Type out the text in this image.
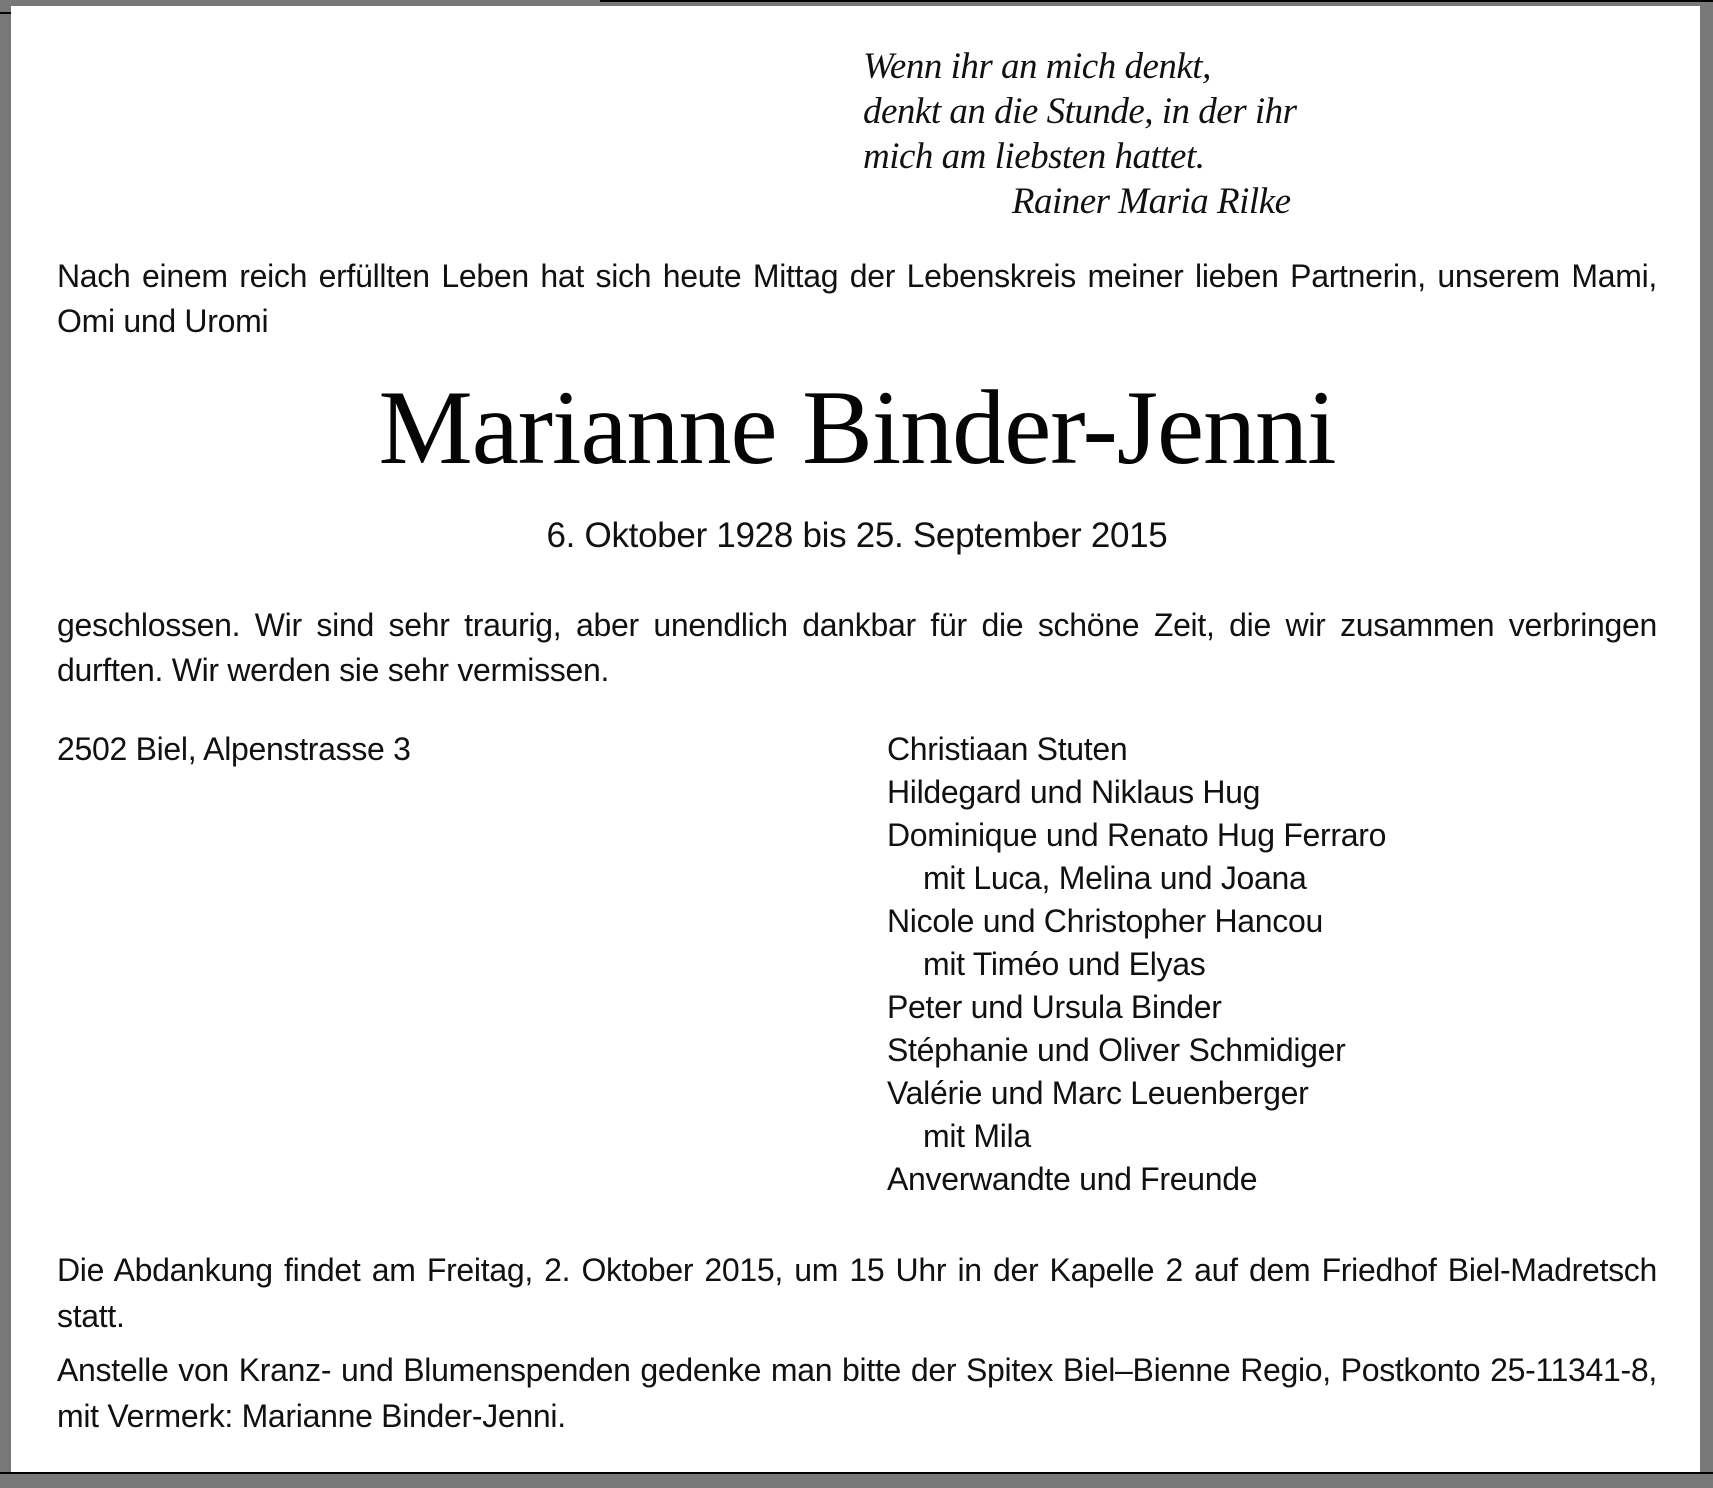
Wenn ihr an mich denkt,
denkt an die Stunde, in der ihr
mich am liebsten hattet.
Rainer Maria Rilke

Nach einem reich erfüllten Leben hat sich heute Mittag der Lebenskreis meiner lieben Partnerin, unserem Mami, Omi und Uromi

Marianne Binder-Jenni
6. Oktober 1928 bis 25. September 2015

geschlossen. Wir sind sehr traurig, aber unendlich dankbar für die schöne Zeit, die wir zusammen verbringen durften. Wir werden sie sehr vermissen.

2502 Biel, Alpenstrasse 3	Christiaan Stuten
Hildegard und Niklaus Hug
Dominique und Renato Hug Ferraro
mit Luca, Melina und Joana
Nicole und Christopher Hancou
mit Timéo und Elyas
Peter und Ursula Binder
Stéphanie und Oliver Schmidiger
Valérie und Marc Leuenberger
mit Mila
Anverwandte und Freunde

Die Abdankung findet am Freitag, 2. Oktober 2015, um 15 Uhr in der Kapelle 2 auf dem Friedhof Biel-Madretsch statt.

Anstelle von Kranz- und Blumenspenden gedenke man bitte der Spitex Biel–Bienne Regio, Postkonto 25-11341-8, mit Vermerk: Marianne Binder-Jenni.
